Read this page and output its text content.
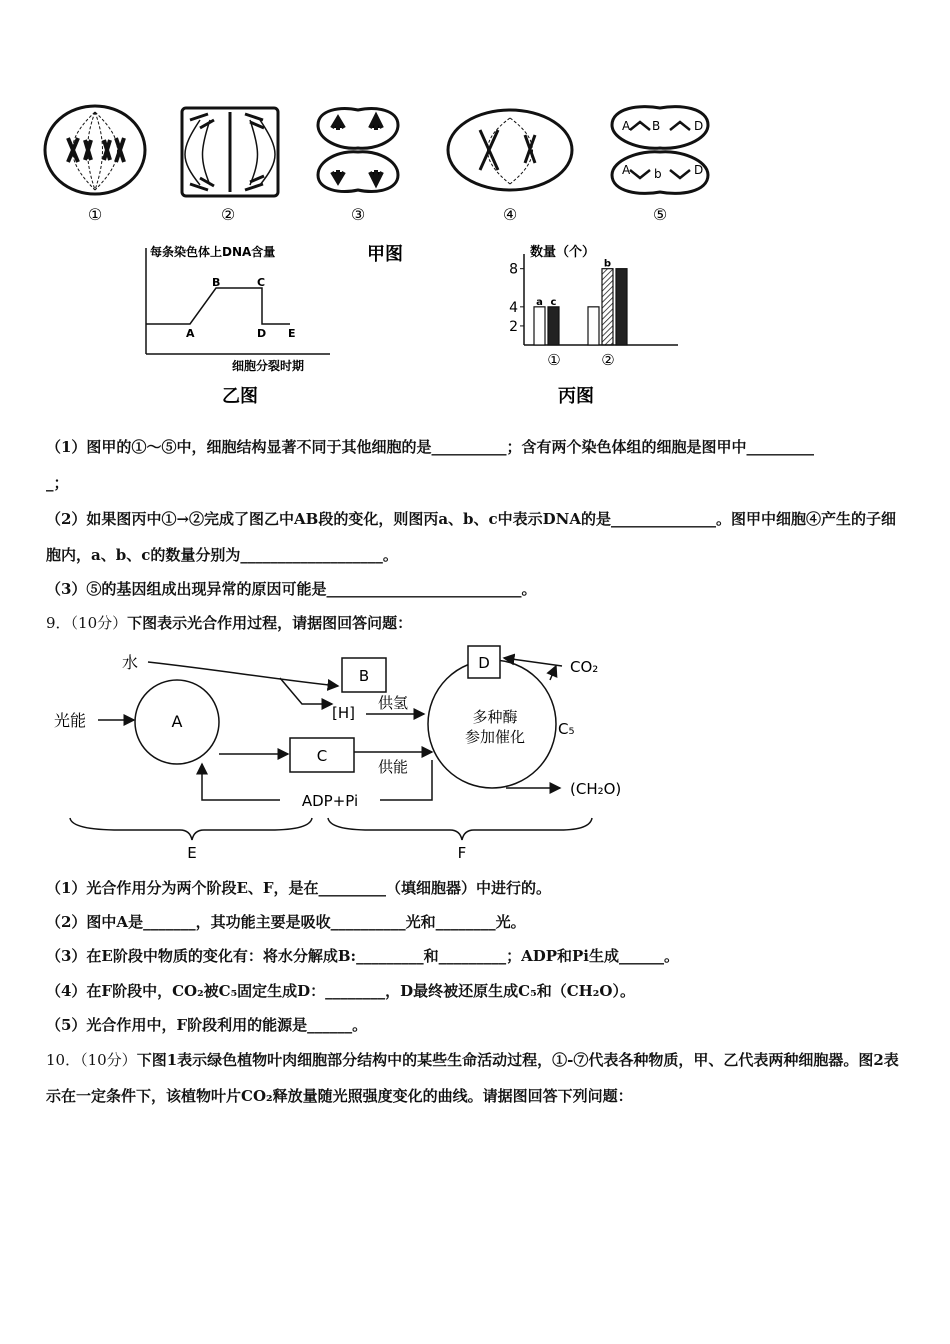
①	②	③	④
A B	D
A b	D
⑤
甲图
每条染色体上DNA含量
A
B	C
D E
细胞分裂时期
乙图
数量（个）
8
4
2
a c
b
①	②
丙图
（1）图甲的①～⑤中，细胞结构显著不同于其他细胞的是__________；含有两个染色体组的细胞是图甲中_________
_；
（2）如果图丙中①→②完成了图乙中AB段的变化，则图丙a、b、c中表示DNA的是______________。图甲中细胞④产生的子细胞内，a、b、c的数量分别为___________________。
（3）⑤的基因组成出现异常的原因可能是__________________________。
9．（10分）下图表示光合作用过程，请据图回答问题：
水
B
[H]
供氢
光能	A
C
供能
ADP+Pi
多种酶
参加催化
D	CO₂
C₅
(CH₂O)
E	F
（1）光合作用分为两个阶段E、F，是在_________（填细胞器）中进行的。
（2）图中A是_______，其功能主要是吸收__________光和________光。
（3）在E阶段中物质的变化有：将水分解成B:_________和_________；ADP和Pi生成______。
（4）在F阶段中，CO₂被C₅固定生成D：________，D最终被还原生成C₅和（CH₂O）。
（5）光合作用中，F阶段利用的能源是______。
10．（10分）下图1表示绿色植物叶肉细胞部分结构中的某些生命活动过程，①-⑦代表各种物质，甲、乙代表两种细胞器。图2表示在一定条件下，该植物叶片CO₂释放量随光照强度变化的曲线。请据图回答下列问题：
